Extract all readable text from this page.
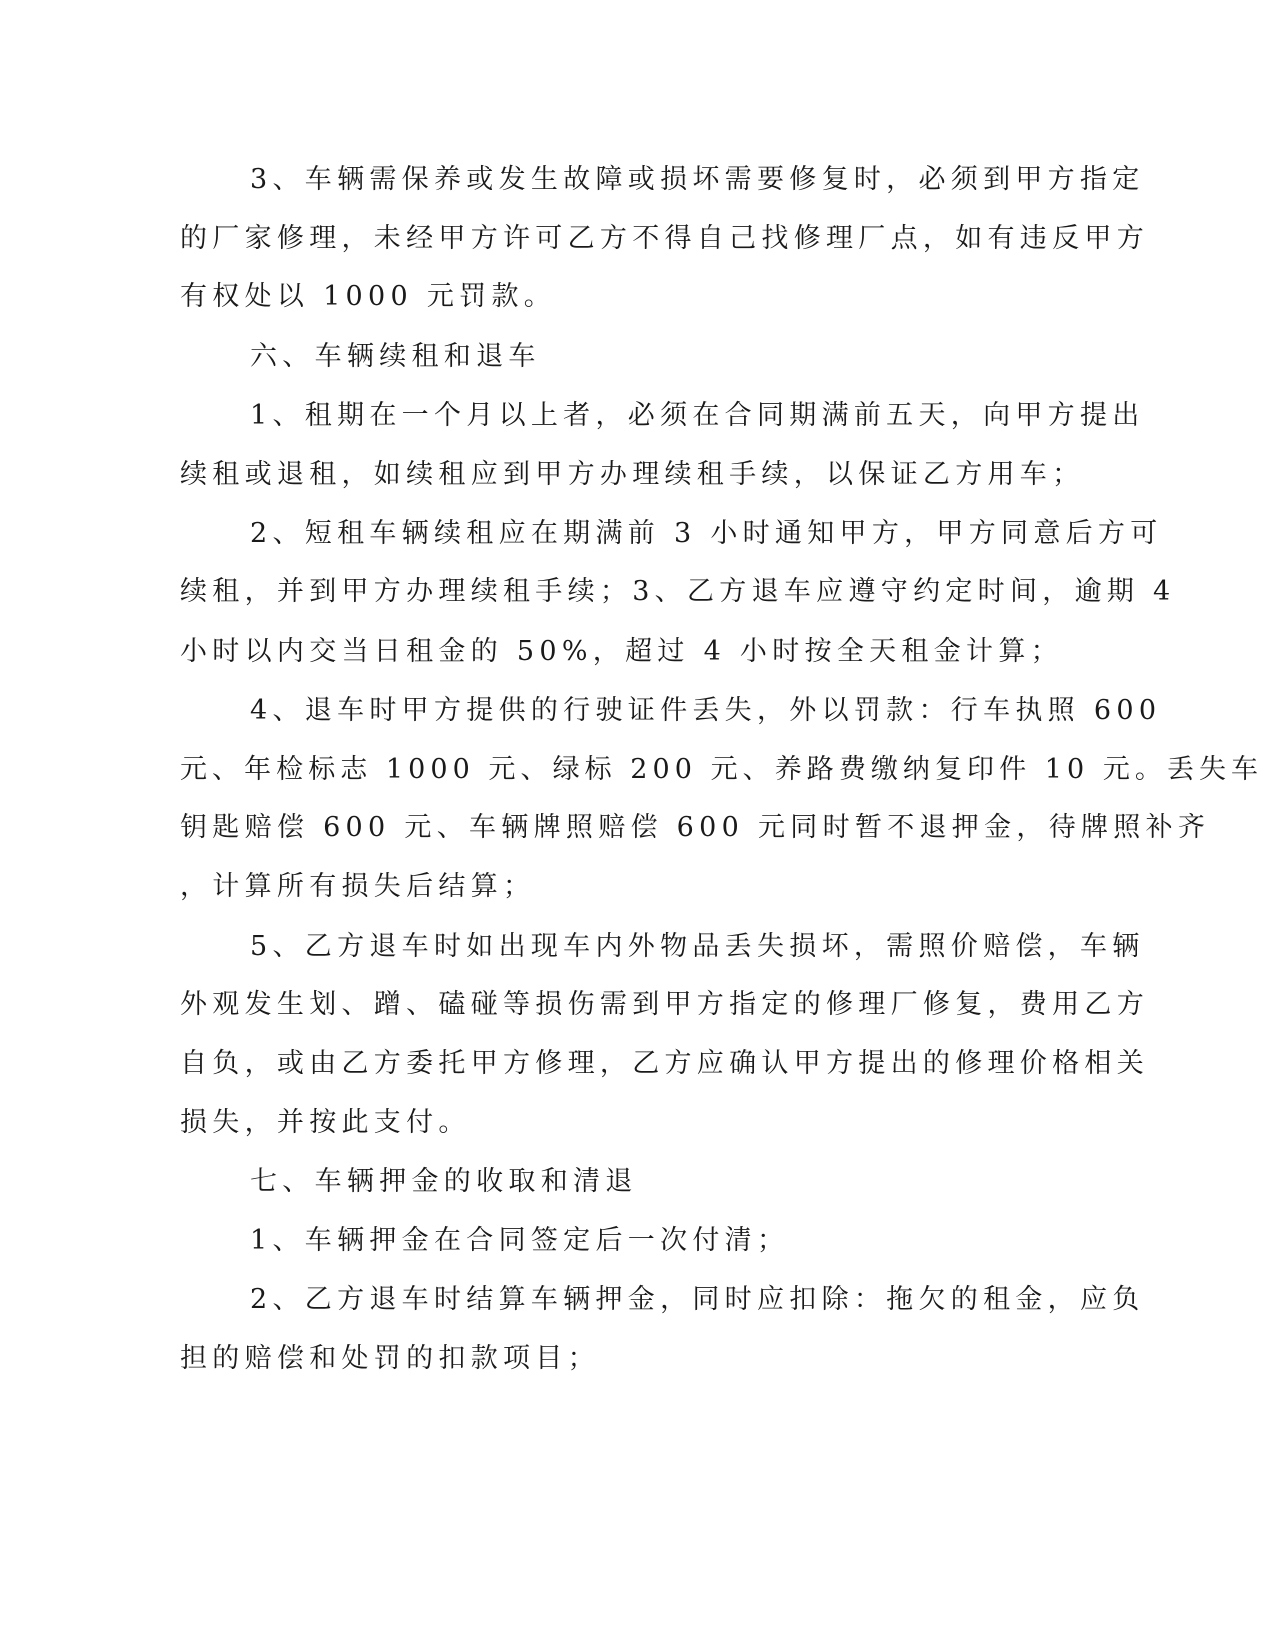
3、车辆需保养或发生故障或损坏需要修复时，必须到甲方指定
的厂家修理，未经甲方许可乙方不得自己找修理厂点，如有违反甲方
有权处以 1000 元罚款。
六、车辆续租和退车
1、租期在一个月以上者，必须在合同期满前五天，向甲方提出
续租或退租，如续租应到甲方办理续租手续，以保证乙方用车；
2、短租车辆续租应在期满前 3 小时通知甲方，甲方同意后方可
续租，并到甲方办理续租手续；3、乙方退车应遵守约定时间，逾期 4
小时以内交当日租金的 50%，超过 4 小时按全天租金计算；
4、退车时甲方提供的行驶证件丢失，外以罚款：行车执照 600
元、年检标志 1000 元、绿标 200 元、养路费缴纳复印件 10 元。丢失车
钥匙赔偿 600 元、车辆牌照赔偿 600 元同时暂不退押金，待牌照补齐
，计算所有损失后结算；
5、乙方退车时如出现车内外物品丢失损坏，需照价赔偿，车辆
外观发生划、蹭、磕碰等损伤需到甲方指定的修理厂修复，费用乙方
自负，或由乙方委托甲方修理，乙方应确认甲方提出的修理价格相关
损失，并按此支付。
七、车辆押金的收取和清退
1、车辆押金在合同签定后一次付清；
2、乙方退车时结算车辆押金，同时应扣除：拖欠的租金，应负
担的赔偿和处罚的扣款项目；
